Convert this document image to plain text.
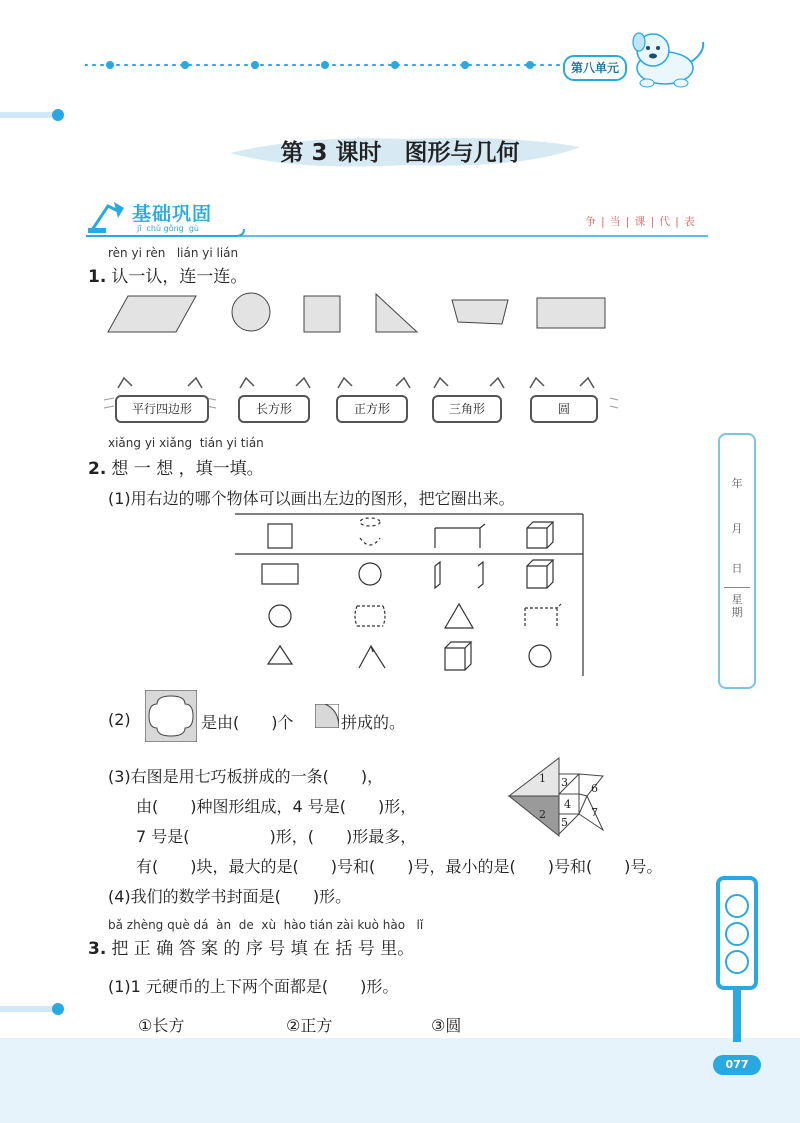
第八单元
第 3 课时　图形与几何
基础巩固
jī  chǔ gǒng  gù
争|当|课|代|表
rèn yi rèn   lián yi lián
1. 认一认，连一连。
平行四边形	长方形	正方形	三角形	圆
年
月
日
星期
xiǎng yi xiǎng  tián yi tián
2. 想 一 想 ，填一填。
(1)用右边的哪个物体可以画出左边的图形，把它圈出来。
(2)	是由(　　)个	拼成的。
(3)右图是用七巧板拼成的一条(　　)，
由(　　)种图形组成，4 号是(　　)形，
7 号是(　　　　　)形，(　　)形最多，
有(　　)块，最大的是(　　)号和(　　)号，最小的是(　　)号和(　　)号。
1
2
3
4
5
6
7
(4)我们的数学书封面是(　　)形。
bǎ zhèng què dá  àn  de  xù  hào tián zài kuò hào   lǐ
3. 把 正 确 答 案 的 序 号 填 在 括 号 里。
(1)1 元硬币的上下两个面都是(　　)形。
①长方	②正方	③圆
077
